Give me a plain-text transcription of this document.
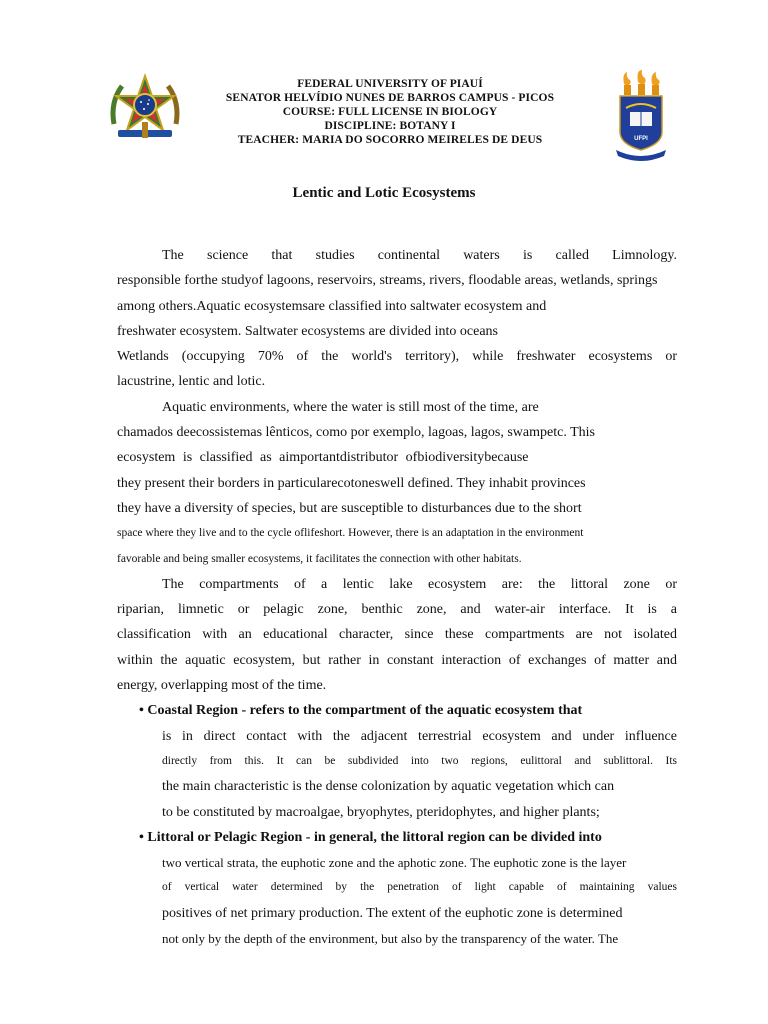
FEDERAL UNIVERSITY OF PIAUÍ
SENATOR HELVÍDIO NUNES DE BARROS CAMPUS - PICOS
COURSE: FULL LICENSE IN BIOLOGY
DISCIPLINE: BOTANY I
TEACHER: MARIA DO SOCORRO MEIRELES DE DEUS	UFPI
Lentic and Lotic Ecosystems
The science that studies continental waters is called Limnology.
responsible forthe studyof lagoons, reservoirs, streams, rivers, floodable areas, wetlands, springs
among others.Aquatic ecosystemsare classified into saltwater ecosystem and
freshwater ecosystem. Saltwater ecosystems are divided into oceans
Wetlands (occupying 70% of the world's territory), while freshwater ecosystems or
lacustrine, lentic and lotic.
Aquatic environments, where the water is still most of the time, are
chamados deecossistemas lênticos, como por exemplo, lagoas, lagos, swampetc. This
ecosystem is classified as aimportantdistributor ofbiodiversitybecause
they present their borders in particularecotoneswell defined. They inhabit provinces
they have a diversity of species, but are susceptible to disturbances due to the short
space where they live and to the cycle oflifeshort. However, there is an adaptation in the environment
favorable and being smaller ecosystems, it facilitates the connection with other habitats.
The compartments of a lentic lake ecosystem are: the littoral zone or
riparian, limnetic or pelagic zone, benthic zone, and water-air interface. It is a
classification with an educational character, since these compartments are not isolated
within the aquatic ecosystem, but rather in constant interaction of exchanges of matter and
energy, overlapping most of the time.
• Coastal Region - refers to the compartment of the aquatic ecosystem that
is in direct contact with the adjacent terrestrial ecosystem and under influence
directly from this. It can be subdivided into two regions, eulittoral and sublittoral. Its
the main characteristic is the dense colonization by aquatic vegetation which can
to be constituted by macroalgae, bryophytes, pteridophytes, and higher plants;
• Littoral or Pelagic Region - in general, the littoral region can be divided into
two vertical strata, the euphotic zone and the aphotic zone. The euphotic zone is the layer
of vertical water determined by the penetration of light capable of maintaining values
positives of net primary production. The extent of the euphotic zone is determined
not only by the depth of the environment, but also by the transparency of the water. The
